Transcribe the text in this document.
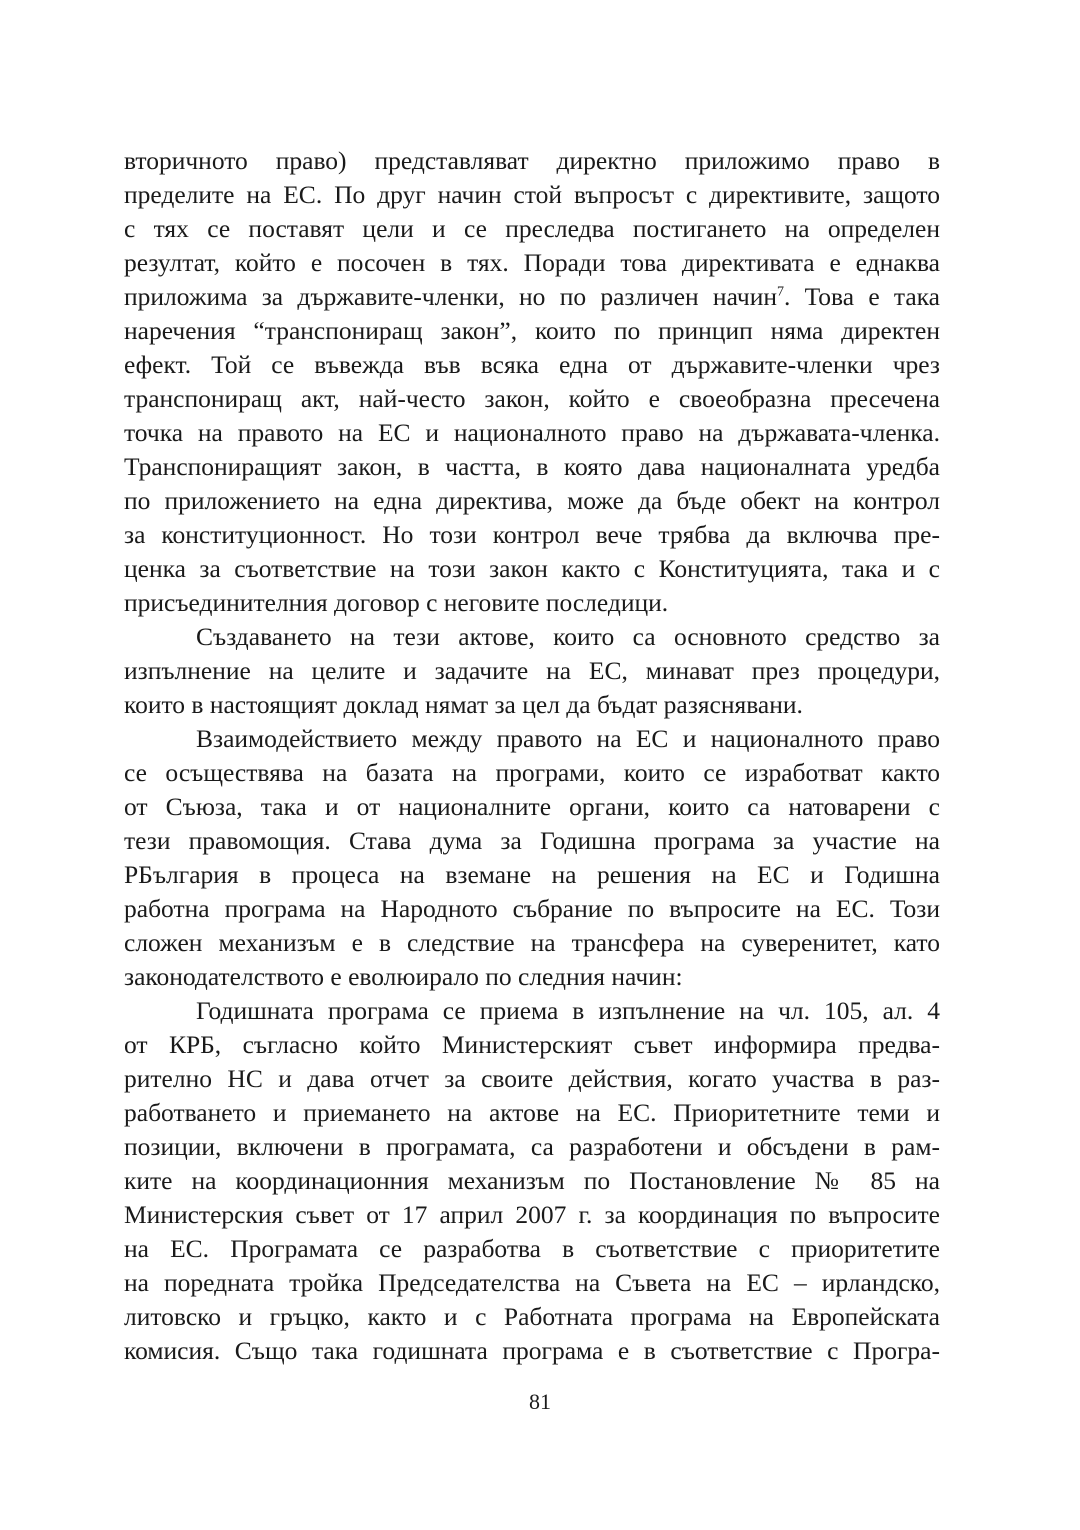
вторичното право) представляват директно приложимо право в
пределите на ЕС. По друг начин стой въпросът с директивите, защото
с тях се поставят цели и се преследва постигането на определен
резултат, който е посочен в тях. Поради това директивата е еднаква
приложима за държавите-членки, но по различен начин$^7$. Това е така
наречения “транспониращ закон”, които по принцип няма директен
ефект. Той се въвежда във всяка една от държавите-членки чрез
транспониращ акт, най-често закон, който е своеобразна пресечена
точка на правото на ЕС и националното право на държавата-членка.
Транспониращият закон, в частта, в която дава националната уредба
по приложението на една директива, може да бъде обект на контрол
за конституционност. Но този контрол вече трябва да включва пре-
ценка за съответствие на този закон както с Конституцията, така и с
присъединителния договор с неговите последици.
Създаването на тези актове, които са основното средство за
изпълнение на целите и задачите на ЕС, минават през процедури,
които в настоящият доклад нямат за цел да бъдат разяснявани.
Взаимодействието между правото на ЕС и националното право
се осъществява на базата на програми, които се изработват както
от Съюза, така и от националните органи, които са натоварени с
тези правомощия. Става дума за Годишна програма за участие на
РБългария в процеса на вземане на решения на ЕС и Годишна
работна програма на Народното събрание по въпросите на ЕС. Този
сложен механизъм е в следствие на трансфера на суверенитет, като
законодателството е еволюирало по следния начин:
Годишната програма се приема в изпълнение на чл. 105, ал. 4
от КРБ, съгласно който Министерският съвет информира предва-
рително НС и дава отчет за своите действия, когато участва в раз-
работването и приемането на актове на ЕС. Приоритетните теми и
позиции, включени в програмата, са разработени и обсъдени в рам-
ките на координационния механизъм по Постановление № 85 на
Министерския съвет от 17 април 2007 г. за координация по въпросите
на ЕС. Програмата се разработва в съответствие с приоритетите
на поредната тройка Председателства на Съвета на ЕС – ирландско,
литовско и гръцко, както и с Работната програма на Европейската
комисия. Също така годишната програма е в съответствие с Програ-
81
